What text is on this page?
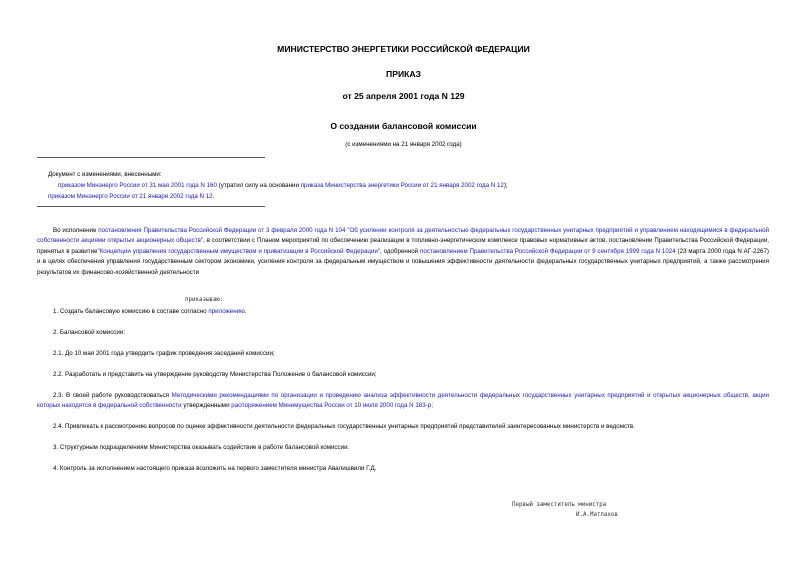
МИНИСТЕРСТВО ЭНЕРГЕТИКИ РОССИЙСКОЙ ФЕДЕРАЦИИ
ПРИКАЗ
от 25 апреля 2001 года N 129
О создании балансовой комиссии
(с изменениями на 21 января 2002 года)
Документ с изменениями, внесенными:
приказом Минэнерго России от 31 мая 2001 года N 160 (утратил силу на основании приказа Министерства энергетики России от 21 января 2002 года N 12);
приказом Минэнерго России от 21 января 2002 года N 12.
Во исполнение постановления Правительства Российской Федерации от 3 февраля 2000 года N 104 "Об усилении контроля за деятельностью федеральных государственных унитарных предприятий и управлением находящимися в федеральной собственности акциями открытых акционерных обществ", в соответствии с Планом мероприятий по обеспечению реализации в топливно-энергетическом комплексе правовых нормативных актов, постановлении Правительства Российской Федерации, принятых в развитие"Концепции управления государственным имуществом и приватизации в Российской Федерации", одобренной постановлением Правительства Российской Федерации от 9 сентября 1999 года N 1024 (23 марта 2000 года N АГ-2267) и в целях обеспечения управления государственным сектором экономики, усиления контроля за федеральным имуществом и повышения эффективности деятельности федеральных государственных унитарных предприятий, а также рассмотрения результатов их финансово-хозяйственной деятельности
приказываю:
1. Создать балансовую комиссию в составе согласно приложению.
2. Балансовой комиссии:
2.1. До 10 мая 2001 года утвердить график проведения заседаний комиссии;
2.2. Разработать и представить на утверждение руководству Министерства Положение о балансовой комиссии;
2.3. В своей работе руководствоваться Методическими рекомендациями по организации и проведению анализа эффективности деятельности федеральных государственных унитарных предприятий и открытых акционерных обществ, акции которых находятся в федеральной собственности утвержденными распоряжением Минимущества России от 10 июля 2000 года N 183-р;
2.4. Привлекать к рассмотрению вопросов по оценке эффективности деятельности федеральных государственных унитарных предприятий представителей заинтересованных министерств и ведомств.
3. Структурным подразделениям Министерства оказывать содействие в работе балансовой комиссии.
4. Контроль за исполнением настоящего приказа возложить на первого заместителя министра Авалишвили Г.Д.
Первый заместитель министра
И.А.Матлахов
